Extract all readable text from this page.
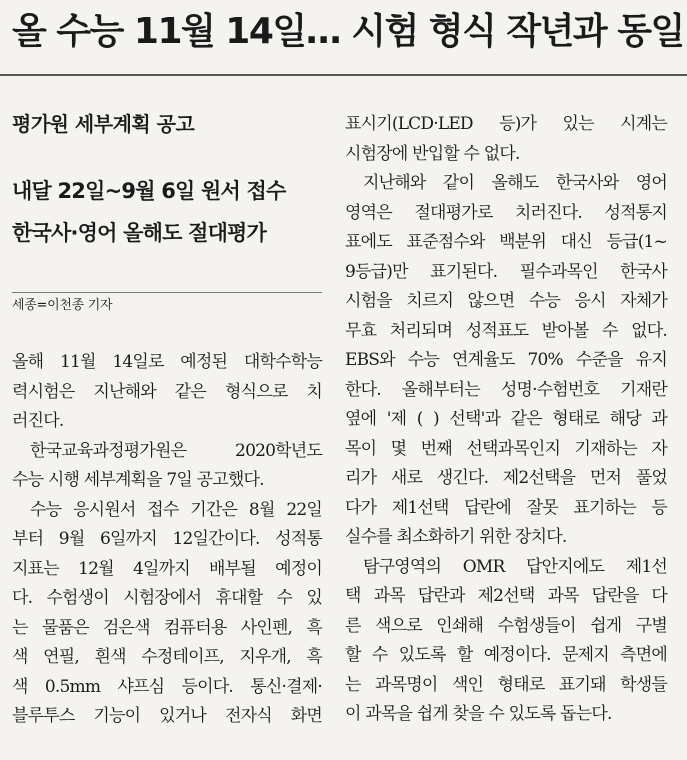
올 수능 11월 14일… 시험 형식 작년과 동일
평가원 세부계획 공고
내달 22일~9월 6일 원서 접수
한국사·영어 올해도 절대평가
세종=이천종 기자
올해 11월 14일로 예정된 대학수학능
력시험은 지난해와 같은 형식으로 치
러진다.
한국교육과정평가원은 2020학년도
수능 시행 세부계획을 7일 공고했다.
수능 응시원서 접수 기간은 8월 22일
부터 9월 6일까지 12일간이다. 성적통
지표는 12월 4일까지 배부될 예정이
다. 수험생이 시험장에서 휴대할 수 있
는 물품은 검은색 컴퓨터용 사인펜, 흑
색 연필, 흰색 수정테이프, 지우개, 흑
색 0.5mm 샤프심 등이다. 통신·결제·
블루투스 기능이 있거나 전자식 화면
표시기(LCD·LED 등)가 있는 시계는
시험장에 반입할 수 없다.
지난해와 같이 올해도 한국사와 영어
영역은 절대평가로 치러진다. 성적통지
표에도 표준점수와 백분위 대신 등급(1~
9등급)만 표기된다. 필수과목인 한국사
시험을 치르지 않으면 수능 응시 자체가
무효 처리되며 성적표도 받아볼 수 없다.
EBS와 수능 연계율도 70% 수준을 유지
한다. 올해부터는 성명·수험번호 기재란
옆에 '제 ( ) 선택'과 같은 형태로 해당 과
목이 몇 번째 선택과목인지 기재하는 자
리가 새로 생긴다. 제2선택을 먼저 풀었
다가 제1선택 답란에 잘못 표기하는 등
실수를 최소화하기 위한 장치다.
탐구영역의 OMR 답안지에도 제1선
택 과목 답란과 제2선택 과목 답란을 다
른 색으로 인쇄해 수험생들이 쉽게 구별
할 수 있도록 할 예정이다. 문제지 측면에
는 과목명이 색인 형태로 표기돼 학생들
이 과목을 쉽게 찾을 수 있도록 돕는다.
